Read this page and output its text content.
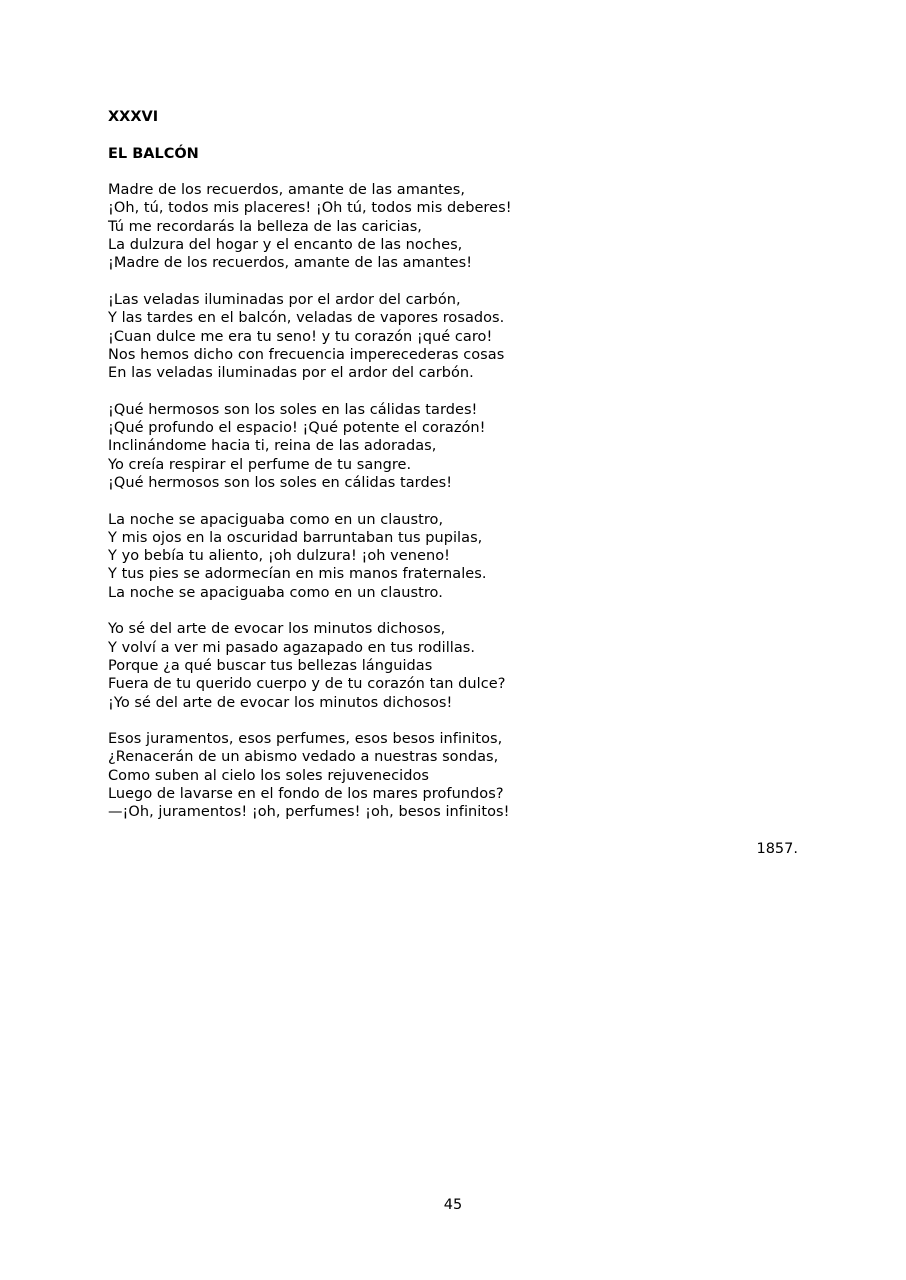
XXXVI

EL BALCÓN

Madre de los recuerdos, amante de las amantes,
¡Oh, tú, todos mis placeres! ¡Oh tú, todos mis deberes!
Tú me recordarás la belleza de las caricias,
La dulzura del hogar y el encanto de las noches,
¡Madre de los recuerdos, amante de las amantes!
¡Las veladas iluminadas por el ardor del carbón,
Y las tardes en el balcón, veladas de vapores rosados.
¡Cuan dulce me era tu seno! y tu corazón ¡qué caro!
Nos hemos dicho con frecuencia imperecederas cosas
En las veladas iluminadas por el ardor del carbón.
¡Qué hermosos son los soles en las cálidas tardes!
¡Qué profundo el espacio! ¡Qué potente el corazón!
Inclinándome hacia ti, reina de las adoradas,
Yo creía respirar el perfume de tu sangre.
¡Qué hermosos son los soles en cálidas tardes!
La noche se apaciguaba como en un claustro,
Y mis ojos en la oscuridad barruntaban tus pupilas,
Y yo bebía tu aliento, ¡oh dulzura! ¡oh veneno!
Y tus pies se adormecían en mis manos fraternales.
La noche se apaciguaba como en un claustro.
Yo sé del arte de evocar los minutos dichosos,
Y volví a ver mi pasado agazapado en tus rodillas.
Porque ¿a qué buscar tus bellezas lánguidas
Fuera de tu querido cuerpo y de tu corazón tan dulce?
¡Yo sé del arte de evocar los minutos dichosos!
Esos juramentos, esos perfumes, esos besos infinitos,
¿Renacerán de un abismo vedado a nuestras sondas,
Como suben al cielo los soles rejuvenecidos
Luego de lavarse en el fondo de los mares profundos?
—¡Oh, juramentos! ¡oh, perfumes! ¡oh, besos infinitos!

1857.

45
